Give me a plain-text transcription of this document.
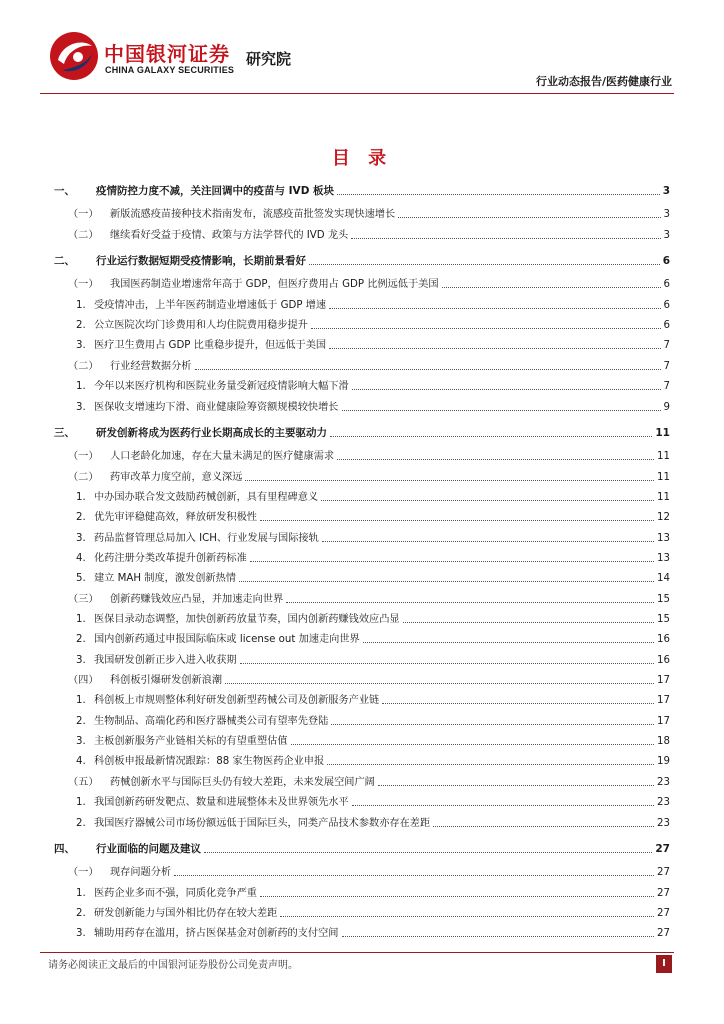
中国银河证券
CHINA GALAXY SECURITIES
研究院
行业动态报告/医药健康行业
目 录
一、	疫情防控力度不减，关注回调中的疫苗与 IVD 板块	3
（一）	新版流感疫苗接种技术指南发布，流感疫苗批签发实现快速增长	3
（二）	继续看好受益于疫情、政策与方法学替代的 IVD 龙头	3
二、	行业运行数据短期受疫情影响，长期前景看好	6
（一）	我国医药制造业增速常年高于 GDP，但医疗费用占 GDP 比例远低于美国	6
1. 受疫情冲击，上半年医药制造业增速低于 GDP 增速	6
2. 公立医院次均门诊费用和人均住院费用稳步提升	6
3. 医疗卫生费用占 GDP 比重稳步提升，但远低于美国	7
（二）	行业经营数据分析	7
1. 今年以来医疗机构和医院业务量受新冠疫情影响大幅下滑	7
3. 医保收支增速均下滑、商业健康险筹资额规模较快增长	9
三、	研发创新将成为医药行业长期高成长的主要驱动力	11
（一）	人口老龄化加速，存在大量未满足的医疗健康需求	11
（二）	药审改革力度空前，意义深远	11
1. 中办国办联合发文鼓励药械创新，具有里程碑意义	11
2. 优先审评稳健高效，释放研发积极性	12
3. 药品监督管理总局加入 ICH、行业发展与国际接轨	13
4. 化药注册分类改革提升创新药标准	13
5. 建立 MAH 制度，激发创新热情	14
（三）	创新药赚钱效应凸显，并加速走向世界	15
1. 医保目录动态调整，加快创新药放量节奏，国内创新药赚钱效应凸显	15
2. 国内创新药通过申报国际临床或 license out 加速走向世界	16
3. 我国研发创新正步入进入收获期	16
（四）	科创板引爆研发创新浪潮	17
1. 科创板上市规则整体利好研发创新型药械公司及创新服务产业链	17
2. 生物制品、高端化药和医疗器械类公司有望率先登陆	17
3. 主板创新服务产业链相关标的有望重塑估值	18
4. 科创板申报最新情况跟踪：88 家生物医药企业申报	19
（五）	药械创新水平与国际巨头仍有较大差距，未来发展空间广阔	23
1. 我国创新药研发靶点、数量和进展整体未及世界领先水平	23
2. 我国医疗器械公司市场份额远低于国际巨头，同类产品技术参数亦存在差距	23
四、	行业面临的问题及建议	27
（一）	现存问题分析	27
1. 医药企业多而不强，同质化竞争严重	27
2. 研发创新能力与国外相比仍存在较大差距	27
3. 辅助用药存在滥用，挤占医保基金对创新药的支付空间	27
请务必阅读正文最后的中国银河证券股份公司免责声明。	I
